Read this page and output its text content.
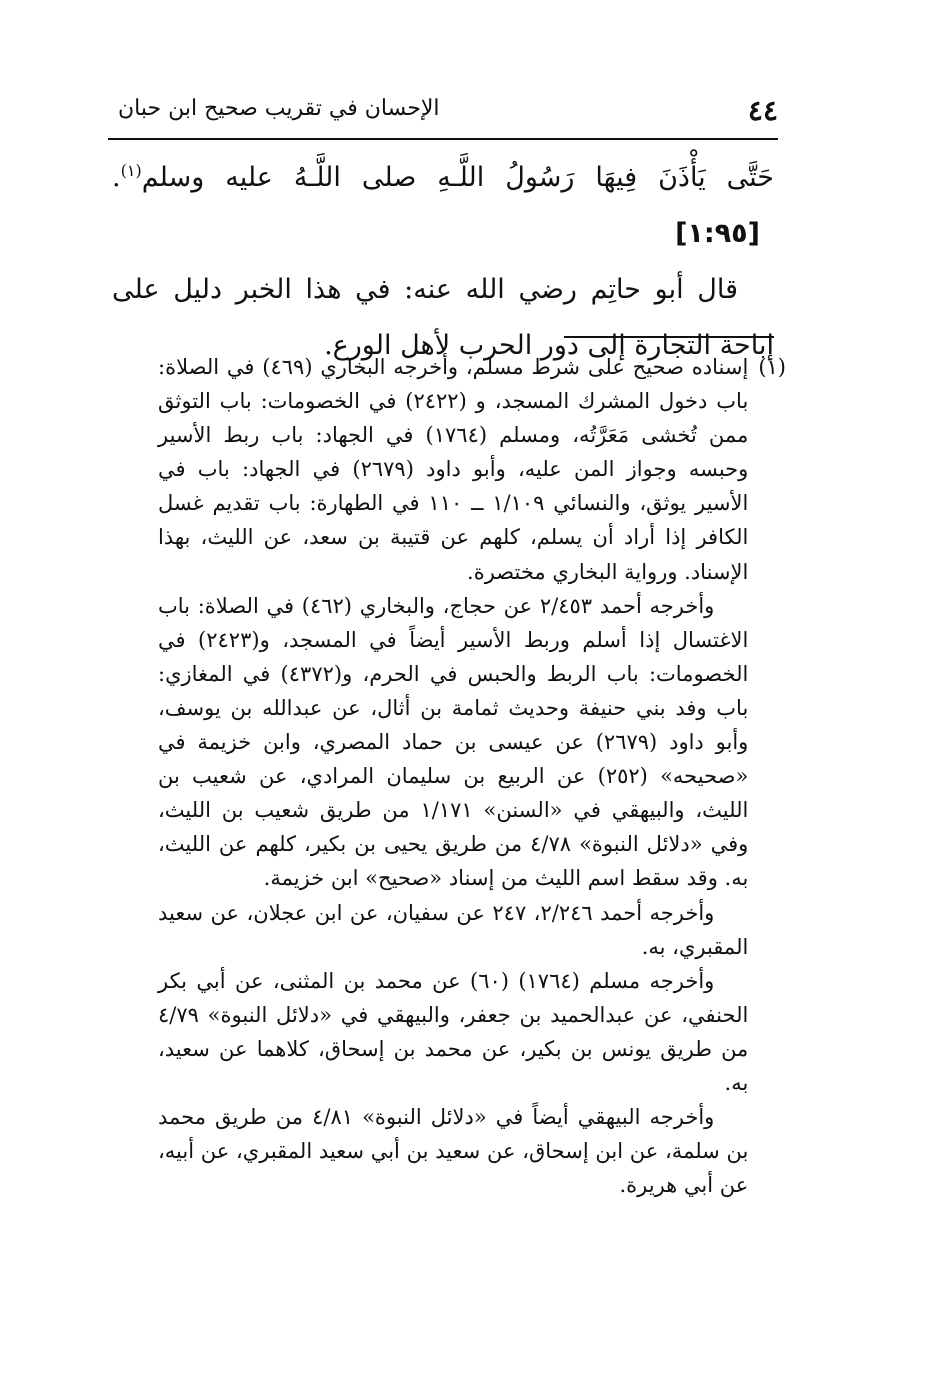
٤٤
الإحسان في تقريب صحيح ابن حبان

حَتَّى يَأْذَنَ فِيهَا رَسُولُ اللَّـهِ صلى اللَّـهُ عليه وسلم$^{(١)}$. [١:٩٥]

قال أبو حاتِم رضي الله عنه: في هذا الخبر دليل على إباحة التجارة إلى دور الحرب لأهل الورع.

(١)

إسناده صحيح على شرط مسلم، وأخرجه البخاري (٤٦٩) في الصلاة: باب دخول المشرك المسجد، و (٢٤٢٢) في الخصومات: باب التوثق ممن تُخشى مَعَرَّتُه، ومسلم (١٧٦٤) في الجهاد: باب ربط الأسير وحبسه وجواز المن عليه، وأبو داود (٢٦٧٩) في الجهاد: باب في الأسير يوثق، والنسائي ١/١٠٩ ــ ١١٠ في الطهارة: باب تقديم غسل الكافر إذا أراد أن يسلم، كلهم عن قتيبة بن سعد، عن الليث، بهذا الإسناد. ورواية البخاري مختصرة.

وأخرجه أحمد ٢/٤٥٣ عن حجاج، والبخاري (٤٦٢) في الصلاة: باب الاغتسال إذا أسلم وربط الأسير أيضاً في المسجد، و(٢٤٢٣) في الخصومات: باب الربط والحبس في الحرم، و(٤٣٧٢) في المغازي: باب وفد بني حنيفة وحديث ثمامة بن أثال، عن عبدالله بن يوسف، وأبو داود (٢٦٧٩) عن عيسى بن حماد المصري، وابن خزيمة في «صحيحه» (٢٥٢) عن الربيع بن سليمان المرادي، عن شعيب بن الليث، والبيهقي في «السنن» ١/١٧١ من طريق شعيب بن الليث، وفي «دلائل النبوة» ٤/٧٨ من طريق يحيى بن بكير، كلهم عن الليث، به. وقد سقط اسم الليث من إسناد «صحيح» ابن خزيمة.

وأخرجه أحمد ٢/٢٤٦، ٢٤٧ عن سفيان، عن ابن عجلان، عن سعيد المقبري، به.

وأخرجه مسلم (١٧٦٤) (٦٠) عن محمد بن المثنى، عن أبي بكر الحنفي، عن عبدالحميد بن جعفر، والبيهقي في «دلائل النبوة» ٤/٧٩ من طريق يونس بن بكير، عن محمد بن إسحاق، كلاهما عن سعيد، به.

وأخرجه البيهقي أيضاً في «دلائل النبوة» ٤/٨١ من طريق محمد بن سلمة، عن ابن إسحاق، عن سعيد بن أبي سعيد المقبري، عن أبيه، عن أبي هريرة.
